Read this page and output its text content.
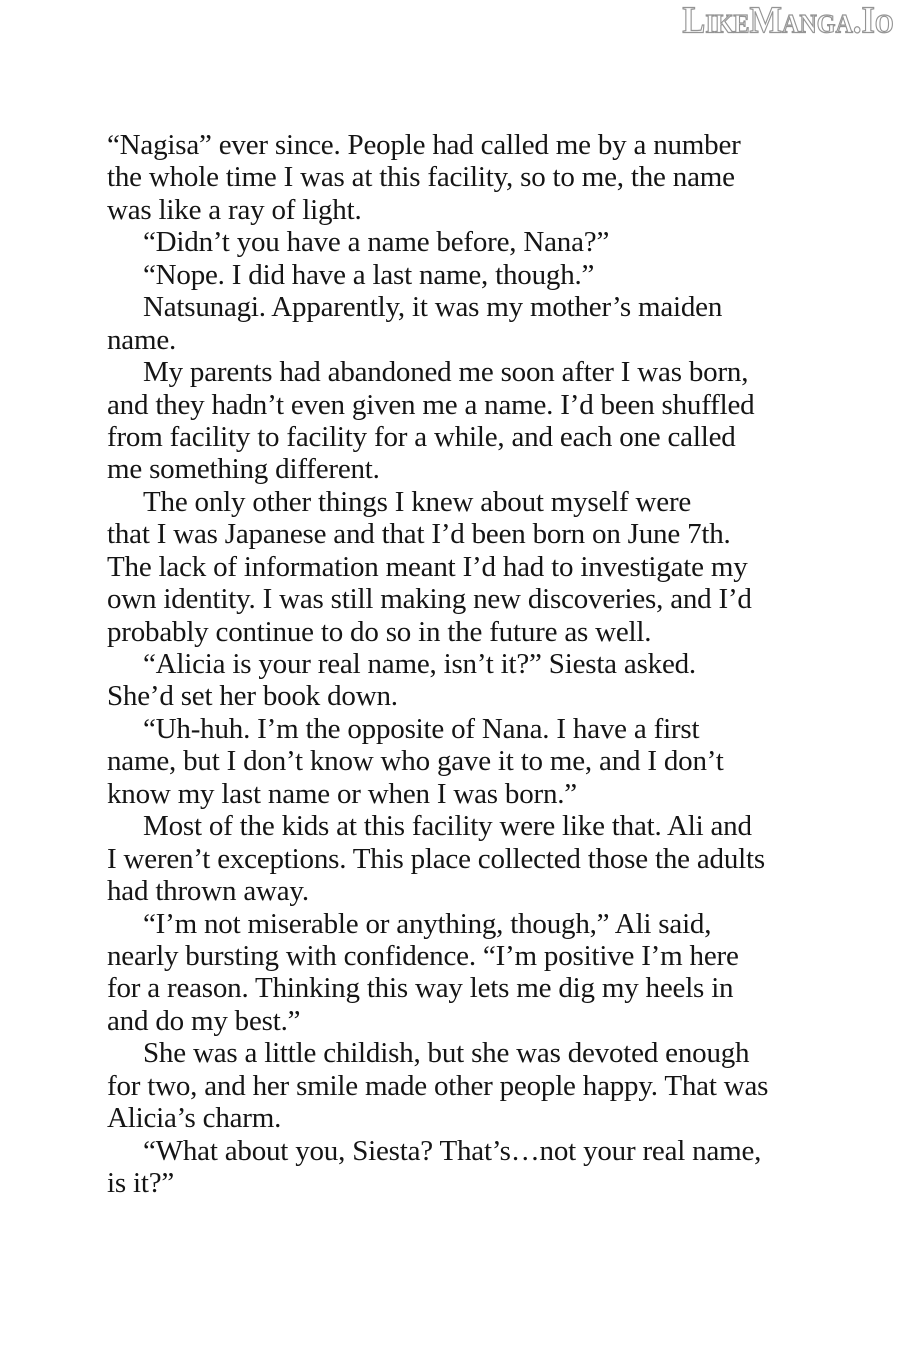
LikeManga.Io
“Nagisa” ever since. People had called me by a number
the whole time I was at this facility, so to me, the name
was like a ray of light.
“Didn’t you have a name before, Nana?”
“Nope. I did have a last name, though.”
Natsunagi. Apparently, it was my mother’s maiden
name.
My parents had abandoned me soon after I was born,
and they hadn’t even given me a name. I’d been shuffled
from facility to facility for a while, and each one called
me something different.
The only other things I knew about myself were
that I was Japanese and that I’d been born on June 7th.
The lack of information meant I’d had to investigate my
own identity. I was still making new discoveries, and I’d
probably continue to do so in the future as well.
“Alicia is your real name, isn’t it?” Siesta asked.
She’d set her book down.
“Uh-huh. I’m the opposite of Nana. I have a first
name, but I don’t know who gave it to me, and I don’t
know my last name or when I was born.”
Most of the kids at this facility were like that. Ali and
I weren’t exceptions. This place collected those the adults
had thrown away.
“I’m not miserable or anything, though,” Ali said,
nearly bursting with confidence. “I’m positive I’m here
for a reason. Thinking this way lets me dig my heels in
and do my best.”
She was a little childish, but she was devoted enough
for two, and her smile made other people happy. That was
Alicia’s charm.
“What about you, Siesta? That’s…not your real name,
is it?”
